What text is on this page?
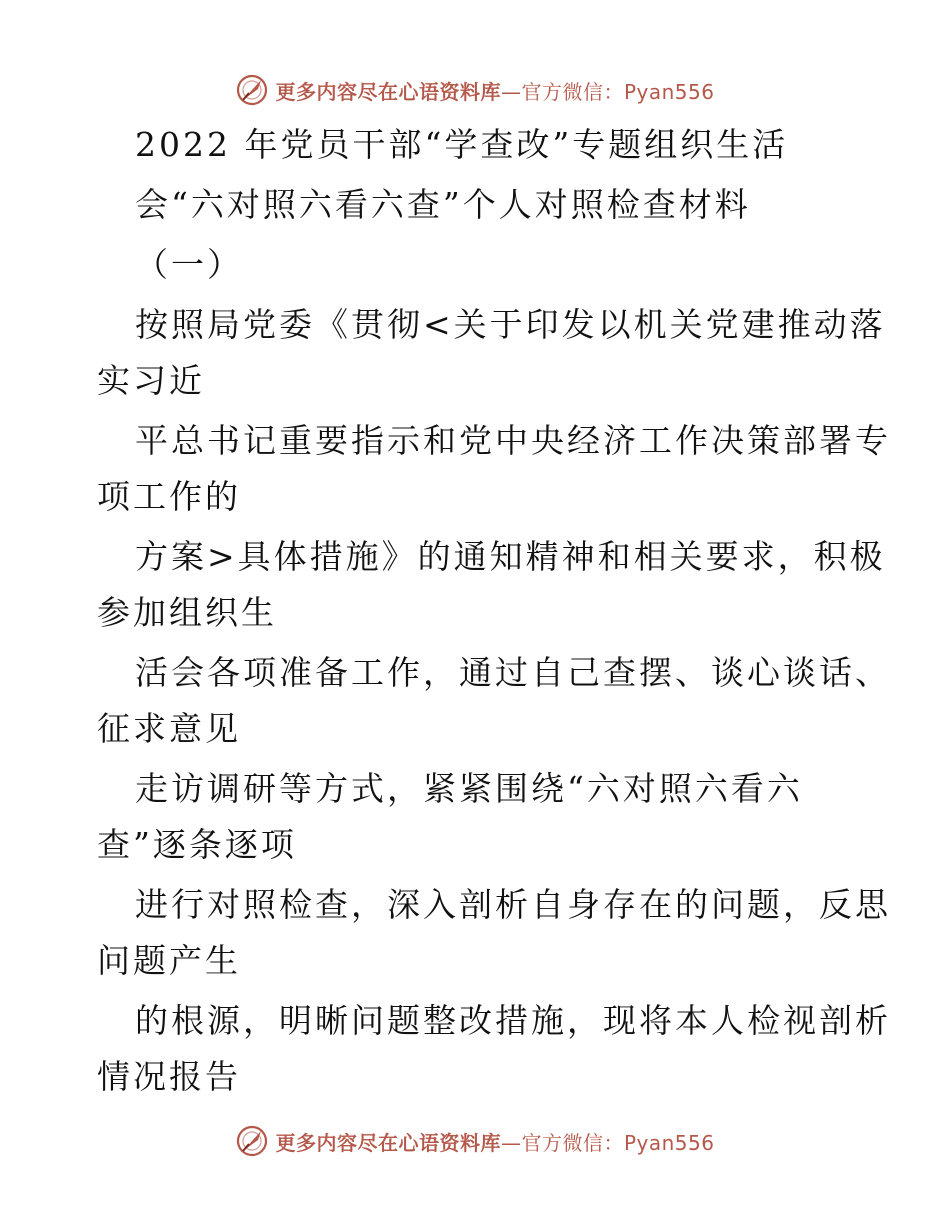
更多内容尽在心语资料库—官方微信：Pyan556
2022 年党员干部“学查改”专题组织生活
会“六对照六看六查”个人对照检查材料
（一）
按照局党委《贯彻<关于印发以机关党建推动落
实习近
平总书记重要指示和党中央经济工作决策部署专
项工作的
方案>具体措施》的通知精神和相关要求，积极
参加组织生
活会各项准备工作，通过自己查摆、谈心谈话、
征求意见
走访调研等方式，紧紧围绕“六对照六看六
查”逐条逐项
进行对照检查，深入剖析自身存在的问题，反思
问题产生
的根源，明晰问题整改措施，现将本人检视剖析
情况报告
更多内容尽在心语资料库—官方微信：Pyan556
